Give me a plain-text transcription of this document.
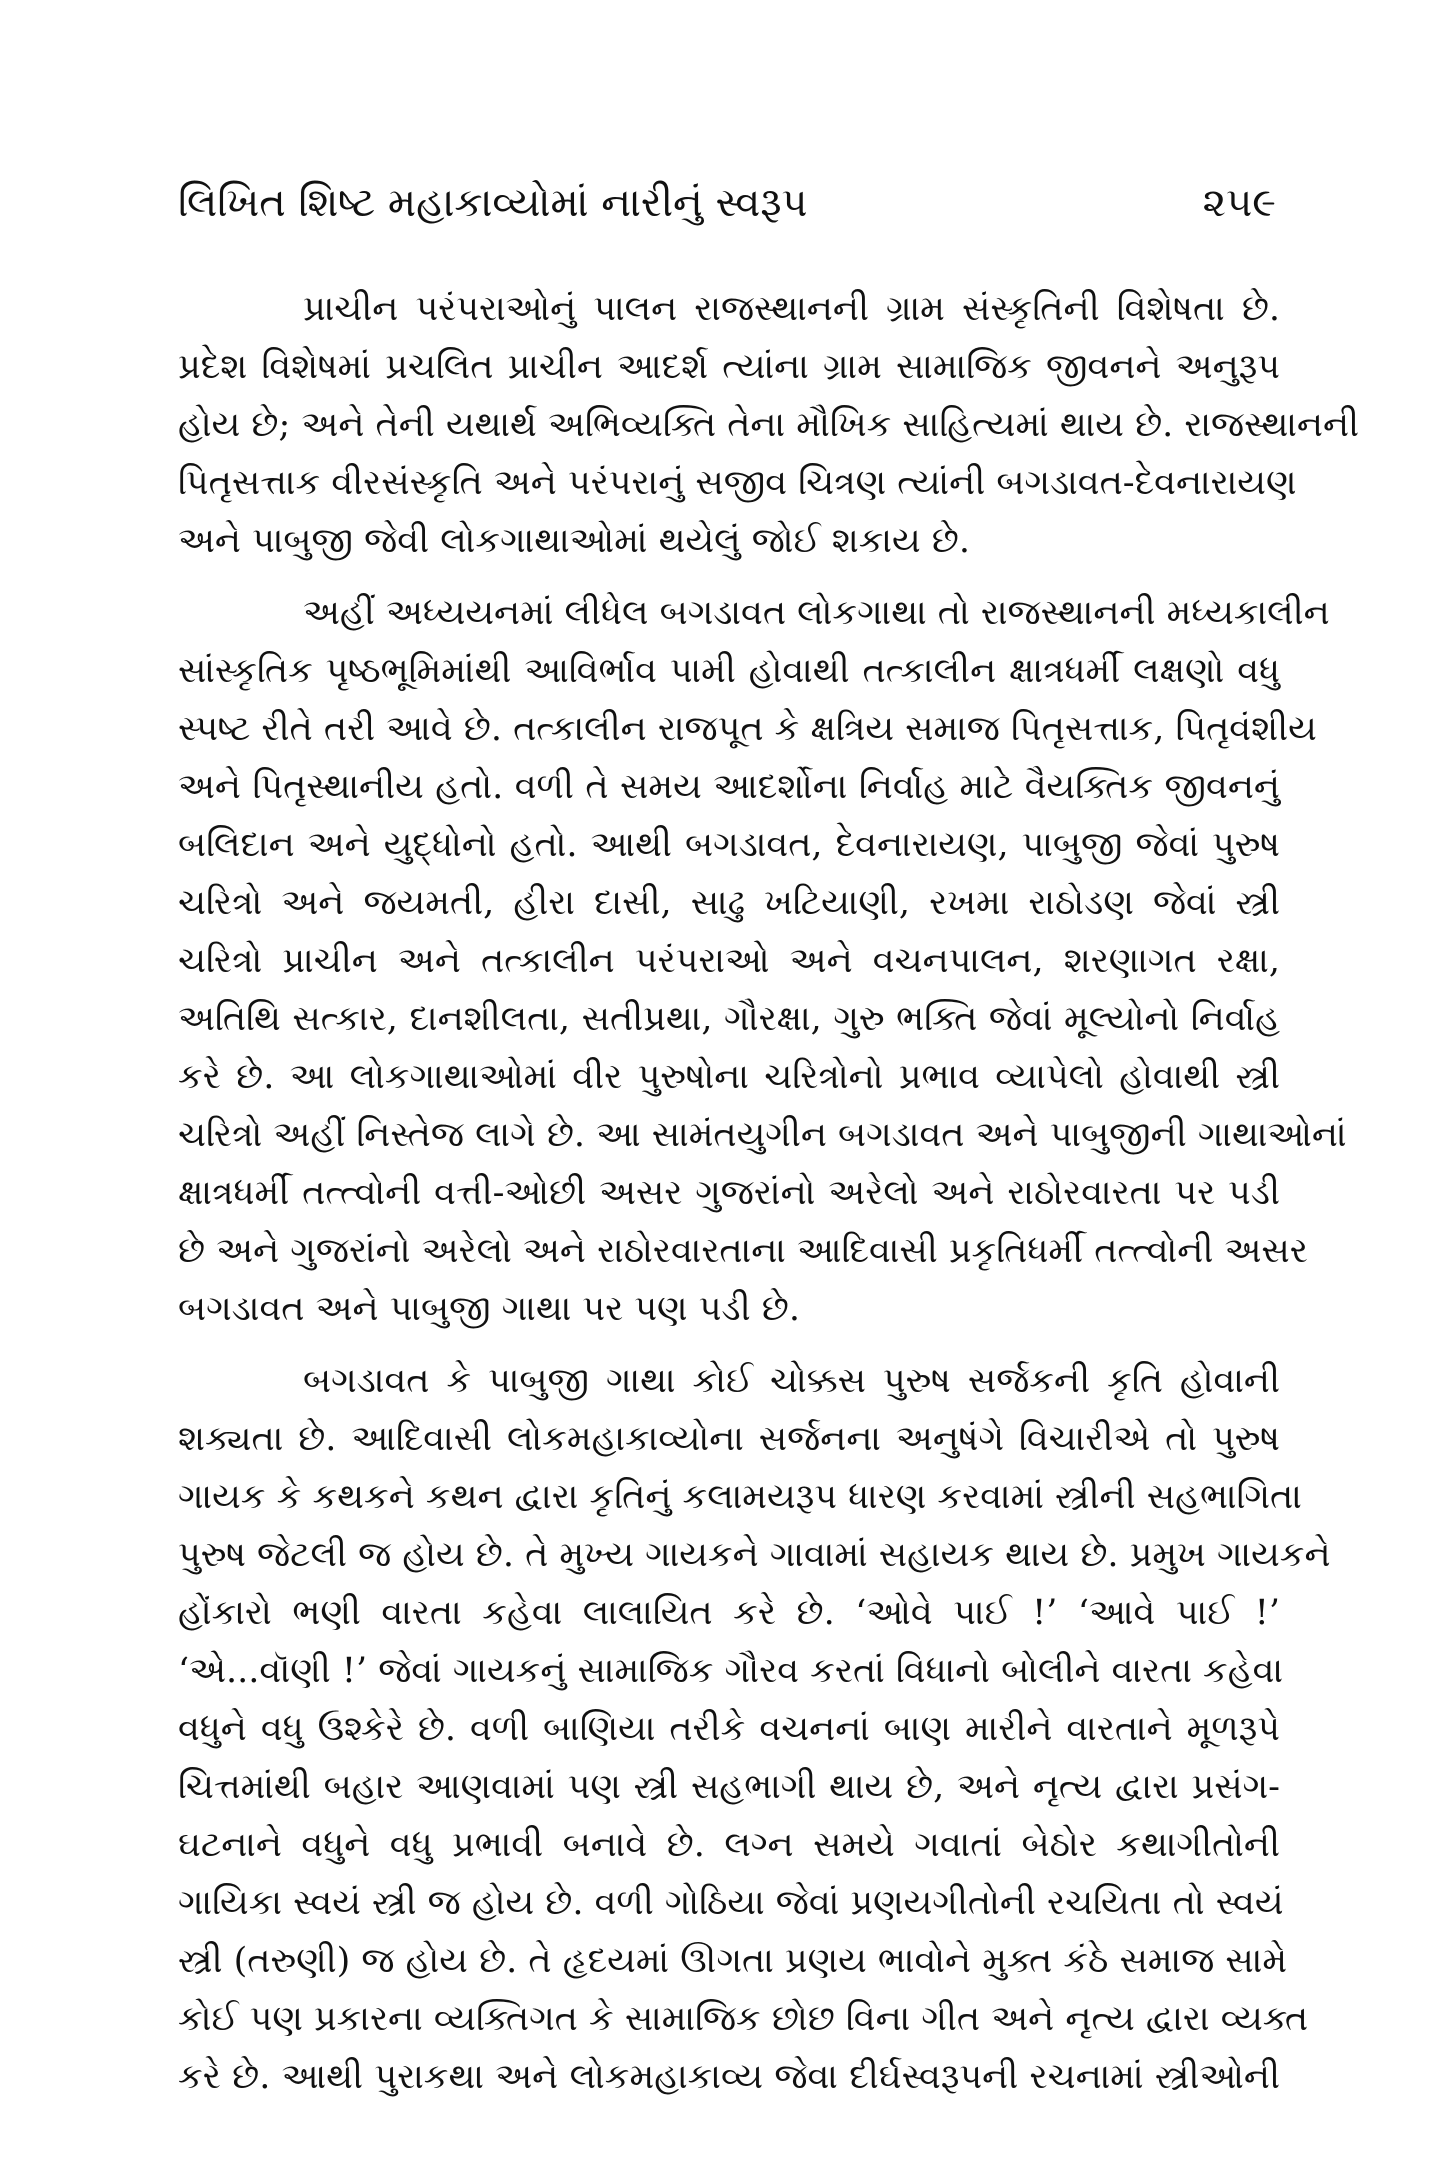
લિખિત શિષ્ટ મહાકાવ્યોમાં નારીનું સ્વરૂપ	૨૫૯
પ્રાચીન પરંપરાઓનું પાલન રાજસ્થાનની ગ્રામ સંસ્કૃતિની વિશેષતા છે.
પ્રદેશ વિશેષમાં પ્રચલિત પ્રાચીન આદર્શ ત્યાંના ગ્રામ સામાજિક જીવનને અનુરૂપ
હોય છે; અને તેની યથાર્થ અભિવ્યક્તિ તેના મૌખિક સાહિત્યમાં થાય છે. રાજસ્થાનની
પિતૃસત્તાક વીરસંસ્કૃતિ અને પરંપરાનું સજીવ ચિત્રણ ત્યાંની બગડાવત-દેવનારાયણ
અને પાબુજી જેવી લોકગાથાઓમાં થયેલું જોઈ શકાય છે.
અહીં અધ્યયનમાં લીધેલ બગડાવત લોકગાથા તો રાજસ્થાનની મધ્યકાલીન
સાંસ્કૃતિક પૃષ્ઠભૂમિમાંથી આવિર્ભાવ પામી હોવાથી તત્કાલીન ક્ષાત્રધર્મી લક્ષણો વધુ
સ્પષ્ટ રીતે તરી આવે છે. તત્કાલીન રાજપૂત કે ક્ષત્રિય સમાજ પિતૃસત્તાક, પિતૃવંશીય
અને પિતૃસ્થાનીય હતો. વળી તે સમય આદર્શોના નિર્વાહ માટે વૈયક્તિક જીવનનું
બલિદાન અને યુદ્ધોનો હતો. આથી બગડાવત, દેવનારાયણ, પાબુજી જેવાં પુરુષ
ચરિત્રો અને જયમતી, હીરા દાસી, સાઢુ ખટિયાણી, રખમા રાઠોડણ જેવાં સ્ત્રી
ચરિત્રો પ્રાચીન અને તત્કાલીન પરંપરાઓ અને વચનપાલન, શરણાગત રક્ષા,
અતિથિ સત્કાર, દાનશીલતા, સતીપ્રથા, ગૌરક્ષા, ગુરુ ભક્તિ જેવાં મૂલ્યોનો નિર્વાહ
કરે છે. આ લોકગાથાઓમાં વીર પુરુષોના ચરિત્રોનો પ્રભાવ વ્યાપેલો હોવાથી સ્ત્રી
ચરિત્રો અહીં નિસ્તેજ લાગે છે. આ સામંતયુગીન બગડાવત અને પાબુજીની ગાથાઓનાં
ક્ષાત્રધર્મી તત્ત્વોની વત્તી-ઓછી અસર ગુજરાંનો અરેલો અને રાઠોરવારતા પર પડી
છે અને ગુજરાંનો અરેલો અને રાઠોરવારતાના આદિવાસી પ્રકૃતિધર્મી તત્ત્વોની અસર
બગડાવત અને પાબુજી ગાથા પર પણ પડી છે.
બગડાવત કે પાબુજી ગાથા કોઈ ચોક્કસ પુરુષ સર્જકની કૃતિ હોવાની
શક્યતા છે. આદિવાસી લોકમહાકાવ્યોના સર્જનના અનુષંગે વિચારીએ તો પુરુષ
ગાયક કે કથકને કથન દ્વારા કૃતિનું કલામયરૂપ ધારણ કરવામાં સ્ત્રીની સહભાગિતા
પુરુષ જેટલી જ હોય છે. તે મુખ્ય ગાયકને ગાવામાં સહાયક થાય છે. પ્રમુખ ગાયકને
હોંકારો ભણી વારતા કહેવા લાલાયિત કરે છે. ‘ઓવે પાઈ !’ ‘આવે પાઈ !’
‘એ...વૉણી !’ જેવાં ગાયકનું સામાજિક ગૌરવ કરતાં વિધાનો બોલીને વારતા કહેવા
વધુને વધુ ઉશ્કેરે છે. વળી બાણિયા તરીકે વચનનાં બાણ મારીને વારતાને મૂળરૂપે
ચિત્તમાંથી બહાર આણવામાં પણ સ્ત્રી સહભાગી થાય છે, અને નૃત્ય દ્વારા પ્રસંગ-
ઘટનાને વધુને વધુ પ્રભાવી બનાવે છે. લગ્ન સમયે ગવાતાં બેઠોર કથાગીતોની
ગાયિકા સ્વયં સ્ત્રી જ હોય છે. વળી ગોઠિયા જેવાં પ્રણયગીતોની રચયિતા તો સ્વયં
સ્ત્રી (તરુણી) જ હોય છે. તે હૃદયમાં ઊગતા પ્રણય ભાવોને મુક્ત કંઠે સમાજ સામે
કોઈ પણ પ્રકારના વ્યક્તિગત કે સામાજિક છોછ વિના ગીત અને નૃત્ય દ્વારા વ્યક્ત
કરે છે. આથી પુરાકથા અને લોકમહાકાવ્ય જેવા દીર્ઘસ્વરૂપની રચનામાં સ્ત્રીઓની
